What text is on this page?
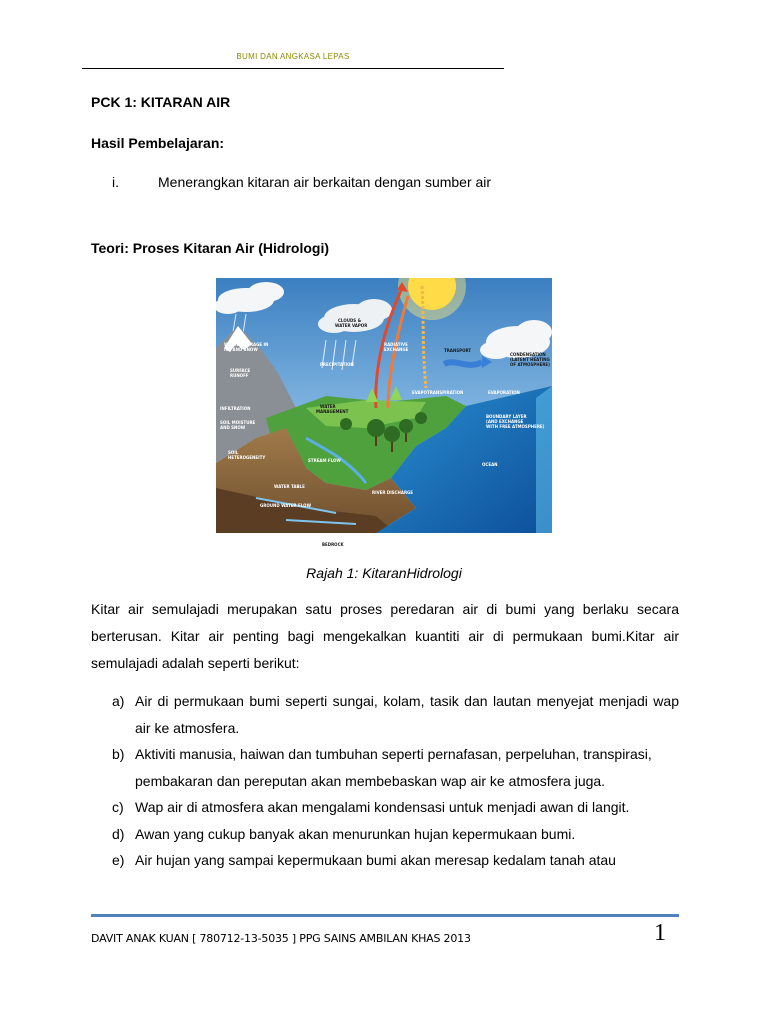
BUMI DAN ANGKASA LEPAS
PCK 1: KITARAN AIR
Hasil Pembelajaran:
i.	Menerangkan kitaran air berkaitan dengan sumber air
Teori: Proses Kitaran Air (Hidrologi)
CLOUDS &
WATER VAPOR
WATER STORAGE IN
ICE AND SNOW
PRECIPITATION
RADIATIVE
EXCHANGE	TRANSPORT
CONDENSATION
(LATENT HEATING
OF ATMOSPHERE)
EVAPOTRANSPIRATION	EVAPORATION
SURFACE
RUNOFF
WATER
MANAGEMENT
BOUNDARY LAYER
(AND EXCHANGE
WITH FREE ATMOSPHERE)
INFILTRATION
SOIL MOISTURE
AND SNOW
SOIL
HETEROGENEITY
STREAM FLOW
OCEAN
WATER TABLE
RIVER DISCHARGE
GROUND WATER FLOW
BEDROCK
Rajah 1: KitaranHidrologi

Kitar air semulajadi merupakan satu proses peredaran air di bumi yang berlaku secara berterusan. Kitar air penting bagi mengekalkan kuantiti air di permukaan bumi.Kitar air semulajadi adalah seperti berikut:

a) Air di permukaan bumi seperti sungai, kolam, tasik dan lautan menyejat menjadi wap air ke atmosfera.
b) Aktiviti manusia, haiwan dan tumbuhan seperti pernafasan, perpeluhan, transpirasi, pembakaran dan pereputan akan membebaskan wap air ke atmosfera juga.
c) Wap air di atmosfera akan mengalami kondensasi untuk menjadi awan di langit.
d) Awan yang cukup banyak akan menurunkan hujan kepermukaan bumi.
e) Air hujan yang sampai kepermukaan bumi akan meresap kedalam tanah atau
DAVIT ANAK KUAN [ 780712-13-5035 ] PPG SAINS AMBILAN KHAS 2013	1
